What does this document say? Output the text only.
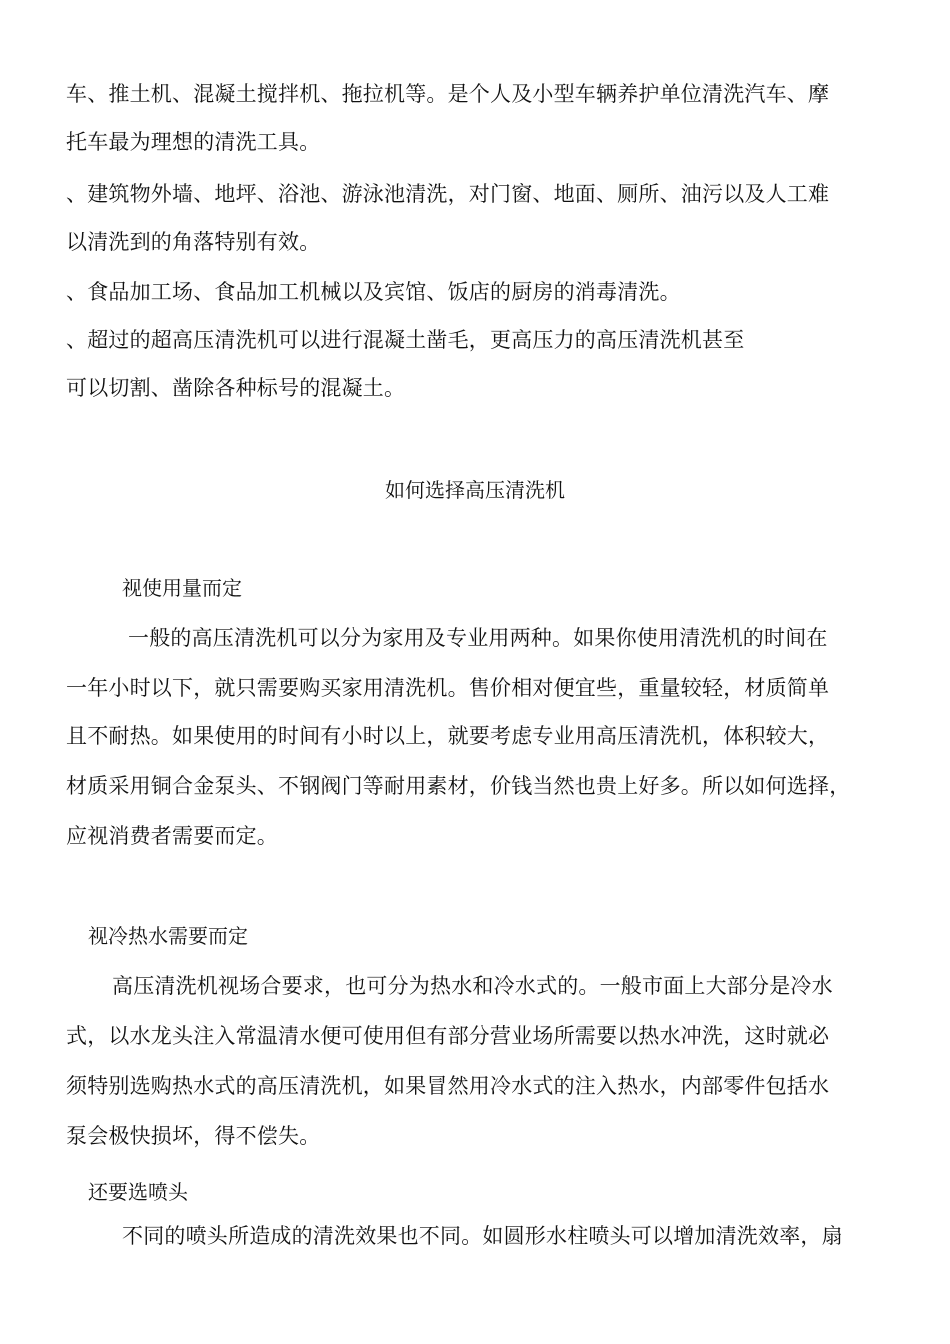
车、推土机、混凝土搅拌机、拖拉机等。是个人及小型车辆养护单位清洗汽车、摩
托车最为理想的清洗工具。
、建筑物外墙、地坪、浴池、游泳池清洗，对门窗、地面、厕所、油污以及人工难
以清洗到的角落特别有效。
、食品加工场、食品加工机械以及宾馆、饭店的厨房的消毒清洗。
、超过的超高压清洗机可以进行混凝土凿毛，更高压力的高压清洗机甚至
可以切割、凿除各种标号的混凝土。
如何选择高压清洗机
视使用量而定
一般的高压清洗机可以分为家用及专业用两种。如果你使用清洗机的时间在
一年小时以下，就只需要购买家用清洗机。售价相对便宜些，重量较轻，材质简单
且不耐热。如果使用的时间有小时以上，就要考虑专业用高压清洗机，体积较大，
材质采用铜合金泵头、不钢阀门等耐用素材，价钱当然也贵上好多。所以如何选择，
应视消费者需要而定。
视冷热水需要而定
高压清洗机视场合要求，也可分为热水和冷水式的。一般市面上大部分是冷水
式，以水龙头注入常温清水便可使用但有部分营业场所需要以热水冲洗，这时就必
须特别选购热水式的高压清洗机，如果冒然用冷水式的注入热水，内部零件包括水
泵会极快损坏，得不偿失。
还要选喷头
不同的喷头所造成的清洗效果也不同。如圆形水柱喷头可以增加清洗效率，扇
